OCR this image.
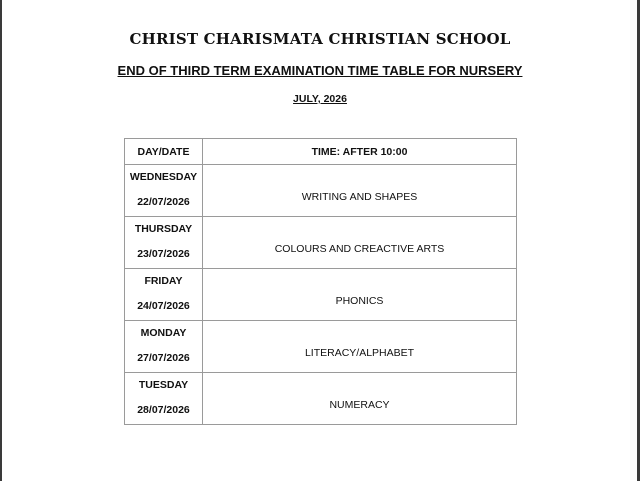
CHRIST CHARISMATA CHRISTIAN SCHOOL
END OF THIRD TERM EXAMINATION TIME TABLE FOR NURSERY
JULY, 2026
DAY/DATE	TIME: AFTER 10:00

WEDNESDAY
22/07/2026	WRITING AND SHAPES

THURSDAY
23/07/2026	COLOURS AND CREACTIVE ARTS

FRIDAY
24/07/2026	PHONICS

MONDAY
27/07/2026	LITERACY/ALPHABET

TUESDAY
28/07/2026	NUMERACY
